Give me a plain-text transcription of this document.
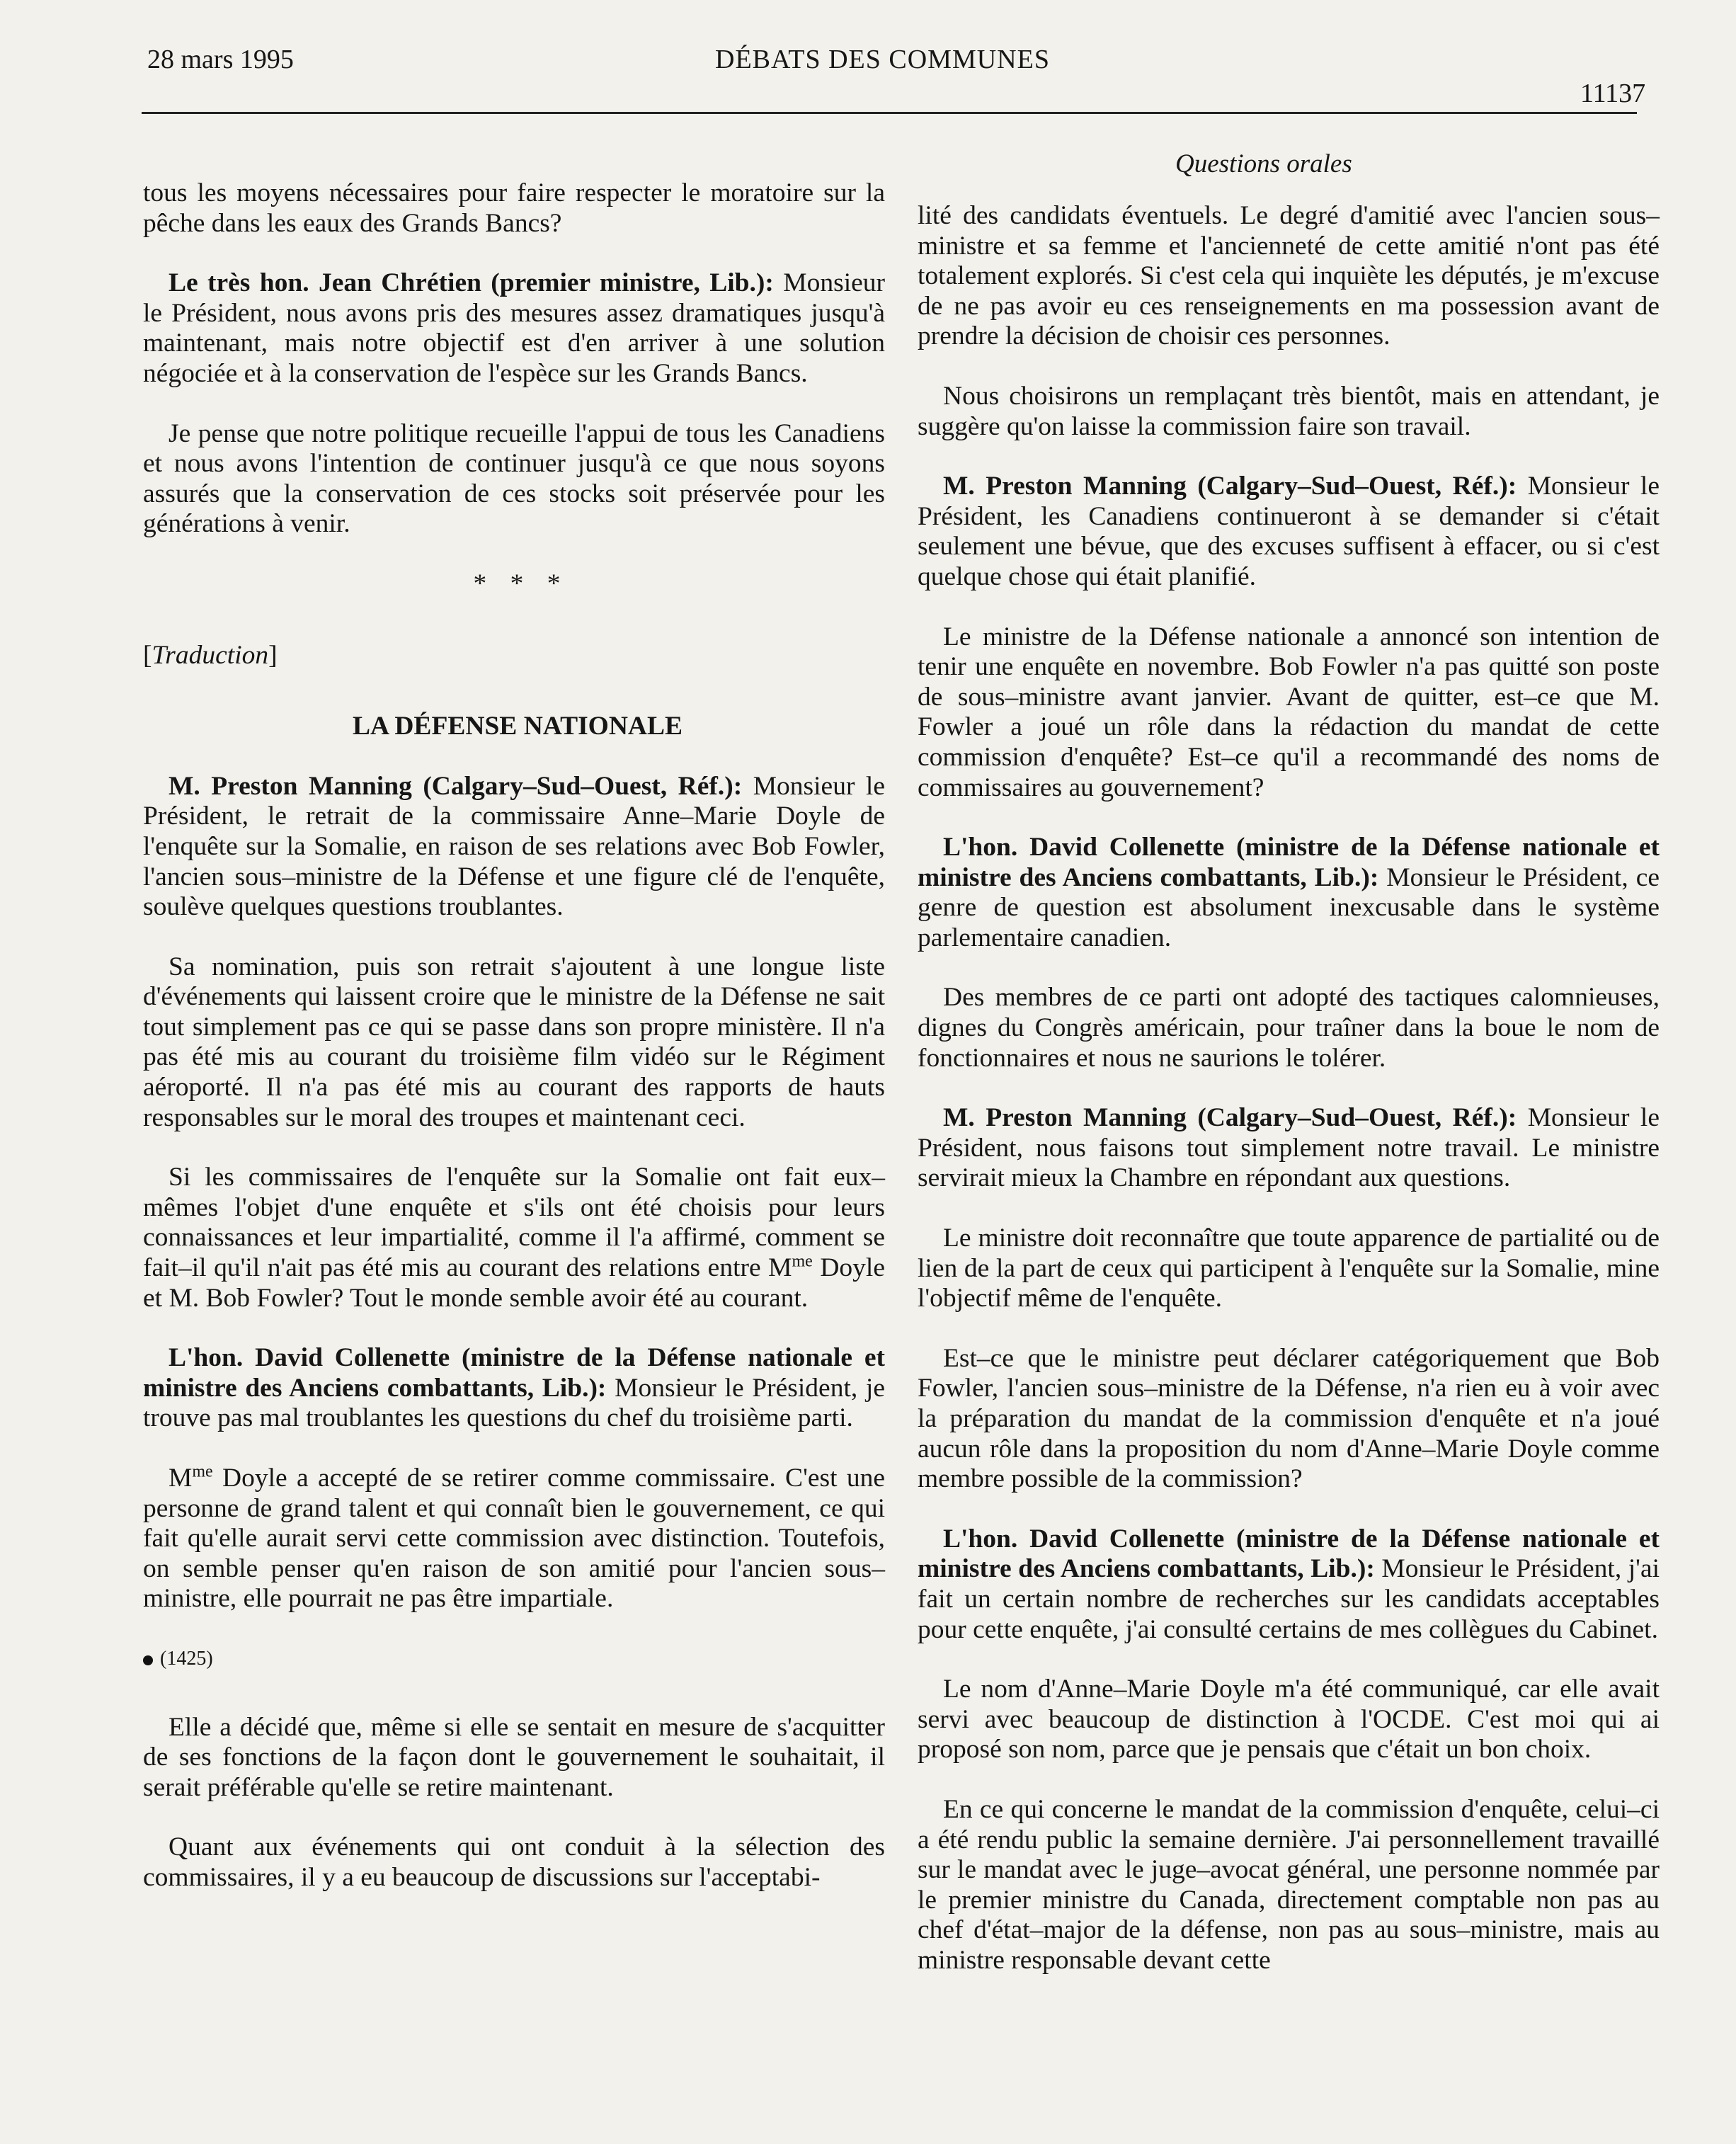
28 mars 1995	DÉBATS DES COMMUNES
11137
Questions orales

tous les moyens nécessaires pour faire respecter le moratoire sur la pêche dans les eaux des Grands Bancs?

Le très hon. Jean Chrétien (premier ministre, Lib.): Monsieur le Président, nous avons pris des mesures assez dramatiques jusqu'à maintenant, mais notre objectif est d'en arriver à une solution négociée et à la conservation de l'espèce sur les Grands Bancs.

Je pense que notre politique recueille l'appui de tous les Canadiens et nous avons l'intention de continuer jusqu'à ce que nous soyons assurés que la conservation de ces stocks soit préservée pour les générations à venir.

* * *

[Traduction]

LA DÉFENSE NATIONALE

M. Preston Manning (Calgary–Sud–Ouest, Réf.): Monsieur le Président, le retrait de la commissaire Anne–Marie Doyle de l'enquête sur la Somalie, en raison de ses relations avec Bob Fowler, l'ancien sous–ministre de la Défense et une figure clé de l'enquête, soulève quelques questions troublantes.

Sa nomination, puis son retrait s'ajoutent à une longue liste d'événements qui laissent croire que le ministre de la Défense ne sait tout simplement pas ce qui se passe dans son propre ministère. Il n'a pas été mis au courant du troisième film vidéo sur le Régiment aéroporté. Il n'a pas été mis au courant des rapports de hauts responsables sur le moral des troupes et maintenant ceci.

Si les commissaires de l'enquête sur la Somalie ont fait eux–mêmes l'objet d'une enquête et s'ils ont été choisis pour leurs connaissances et leur impartialité, comme il l'a affirmé, comment se fait–il qu'il n'ait pas été mis au courant des relations entre $M^{me}$ Doyle et M. Bob Fowler? Tout le monde semble avoir été au courant.

L'hon. David Collenette (ministre de la Défense nationale et ministre des Anciens combattants, Lib.): Monsieur le Président, je trouve pas mal troublantes les questions du chef du troisième parti.

$M^{me}$ Doyle a accepté de se retirer comme commissaire. C'est une personne de grand talent et qui connaît bien le gouvernement, ce qui fait qu'elle aurait servi cette commission avec distinction. Toutefois, on semble penser qu'en raison de son amitié pour l'ancien sous–ministre, elle pourrait ne pas être impartiale.

(1425)

Elle a décidé que, même si elle se sentait en mesure de s'acquitter de ses fonctions de la façon dont le gouvernement le souhaitait, il serait préférable qu'elle se retire maintenant.

Quant aux événements qui ont conduit à la sélection des commissaires, il y a eu beaucoup de discussions sur l'acceptabi-

lité des candidats éventuels. Le degré d'amitié avec l'ancien sous–ministre et sa femme et l'ancienneté de cette amitié n'ont pas été totalement explorés. Si c'est cela qui inquiète les députés, je m'excuse de ne pas avoir eu ces renseignements en ma possession avant de prendre la décision de choisir ces personnes.

Nous choisirons un remplaçant très bientôt, mais en attendant, je suggère qu'on laisse la commission faire son travail.

M. Preston Manning (Calgary–Sud–Ouest, Réf.): Monsieur le Président, les Canadiens continueront à se demander si c'était seulement une bévue, que des excuses suffisent à effacer, ou si c'est quelque chose qui était planifié.

Le ministre de la Défense nationale a annoncé son intention de tenir une enquête en novembre. Bob Fowler n'a pas quitté son poste de sous–ministre avant janvier. Avant de quitter, est–ce que M. Fowler a joué un rôle dans la rédaction du mandat de cette commission d'enquête? Est–ce qu'il a recommandé des noms de commissaires au gouvernement?

L'hon. David Collenette (ministre de la Défense nationale et ministre des Anciens combattants, Lib.): Monsieur le Président, ce genre de question est absolument inexcusable dans le système parlementaire canadien.

Des membres de ce parti ont adopté des tactiques calomnieuses, dignes du Congrès américain, pour traîner dans la boue le nom de fonctionnaires et nous ne saurions le tolérer.

M. Preston Manning (Calgary–Sud–Ouest, Réf.): Monsieur le Président, nous faisons tout simplement notre travail. Le ministre servirait mieux la Chambre en répondant aux questions.

Le ministre doit reconnaître que toute apparence de partialité ou de lien de la part de ceux qui participent à l'enquête sur la Somalie, mine l'objectif même de l'enquête.

Est–ce que le ministre peut déclarer catégoriquement que Bob Fowler, l'ancien sous–ministre de la Défense, n'a rien eu à voir avec la préparation du mandat de la commission d'enquête et n'a joué aucun rôle dans la proposition du nom d'Anne–Marie Doyle comme membre possible de la commission?

L'hon. David Collenette (ministre de la Défense nationale et ministre des Anciens combattants, Lib.): Monsieur le Président, j'ai fait un certain nombre de recherches sur les candidats acceptables pour cette enquête, j'ai consulté certains de mes collègues du Cabinet.

Le nom d'Anne–Marie Doyle m'a été communiqué, car elle avait servi avec beaucoup de distinction à l'OCDE. C'est moi qui ai proposé son nom, parce que je pensais que c'était un bon choix.

En ce qui concerne le mandat de la commission d'enquête, celui–ci a été rendu public la semaine dernière. J'ai personnellement travaillé sur le mandat avec le juge–avocat général, une personne nommée par le premier ministre du Canada, directement comptable non pas au chef d'état–major de la défense, non pas au sous–ministre, mais au ministre responsable devant cette
